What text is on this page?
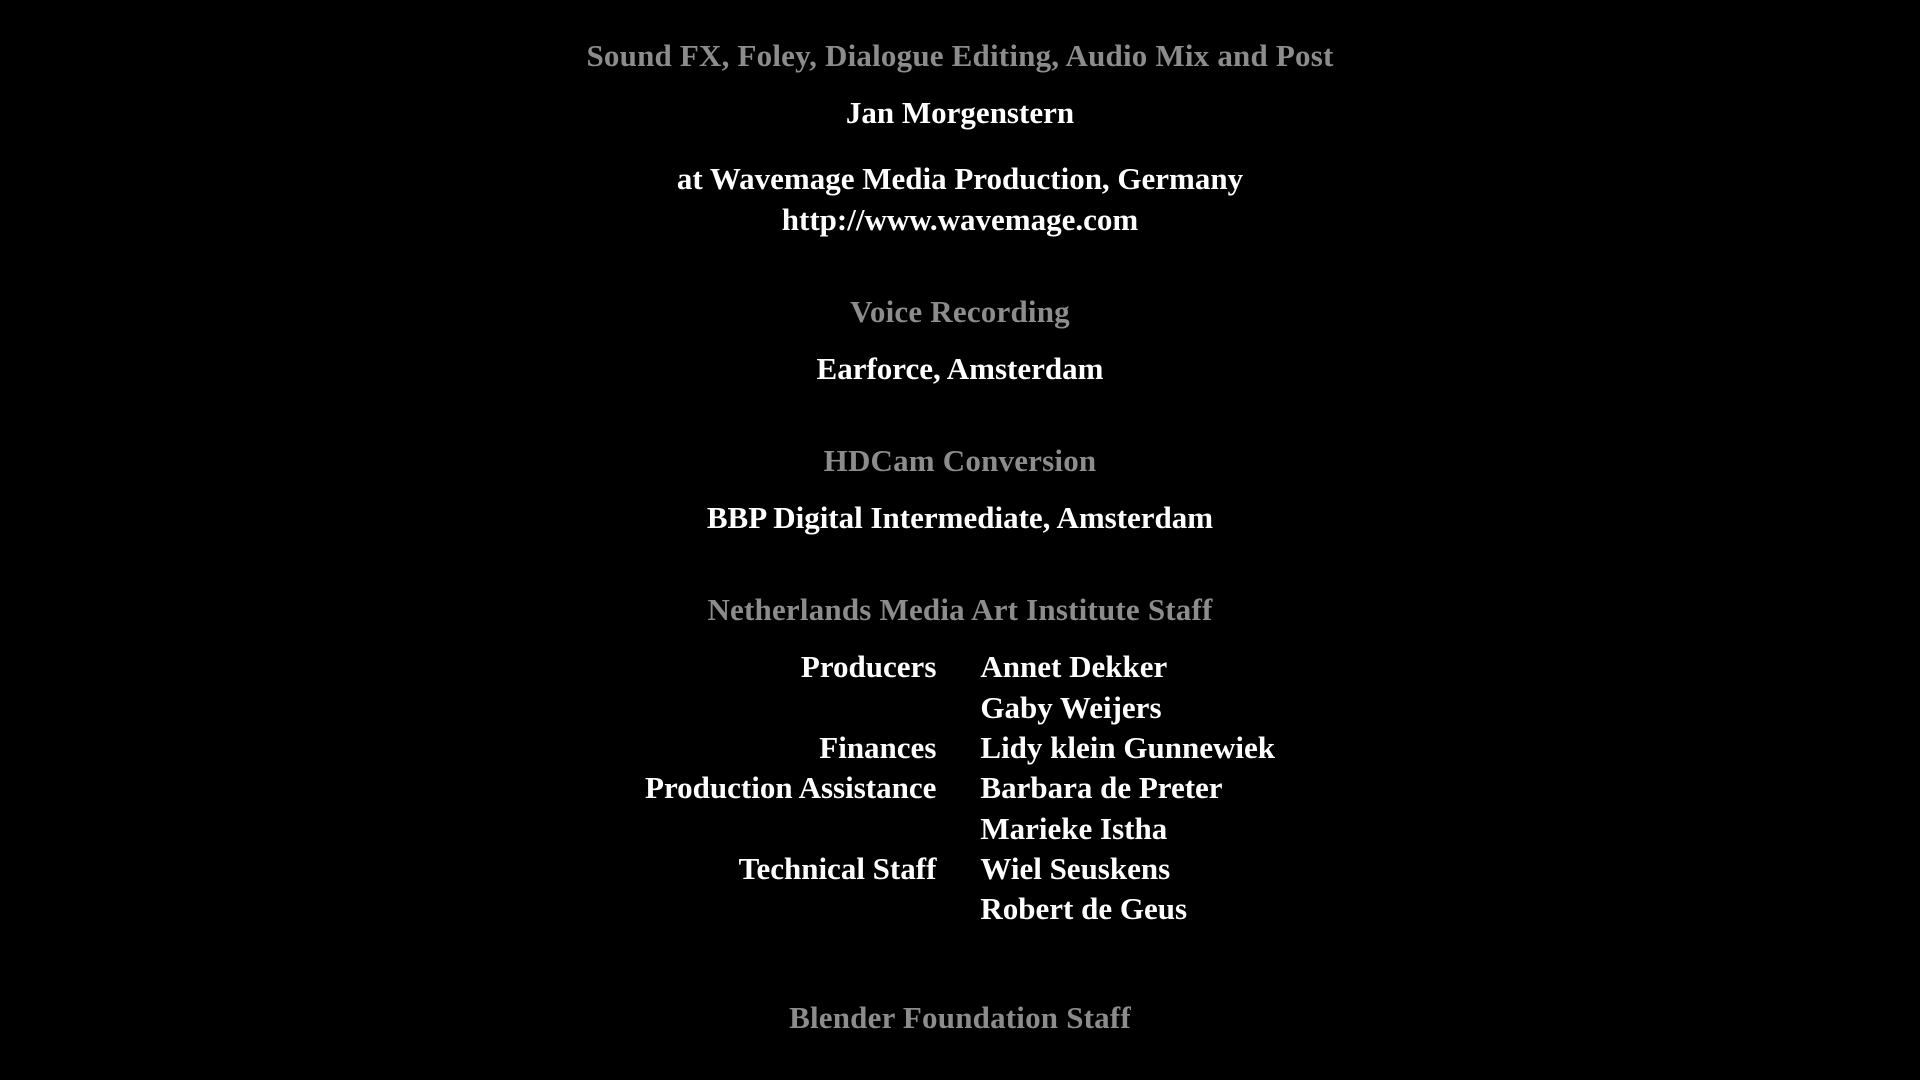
Sound FX, Foley, Dialogue Editing, Audio Mix and Post
Jan Morgenstern
at Wavemage Media Production, Germany
http://www.wavemage.com
Voice Recording
Earforce, Amsterdam
HDCam Conversion
BBP Digital Intermediate, Amsterdam
Netherlands Media Art Institute Staff
Producers	Annet Dekker
	Gaby Weijers
Finances	Lidy klein Gunnewiek
Production Assistance	Barbara de Preter
	Marieke Istha
Technical Staff	Wiel Seuskens
	Robert de Geus
Blender Foundation Staff
